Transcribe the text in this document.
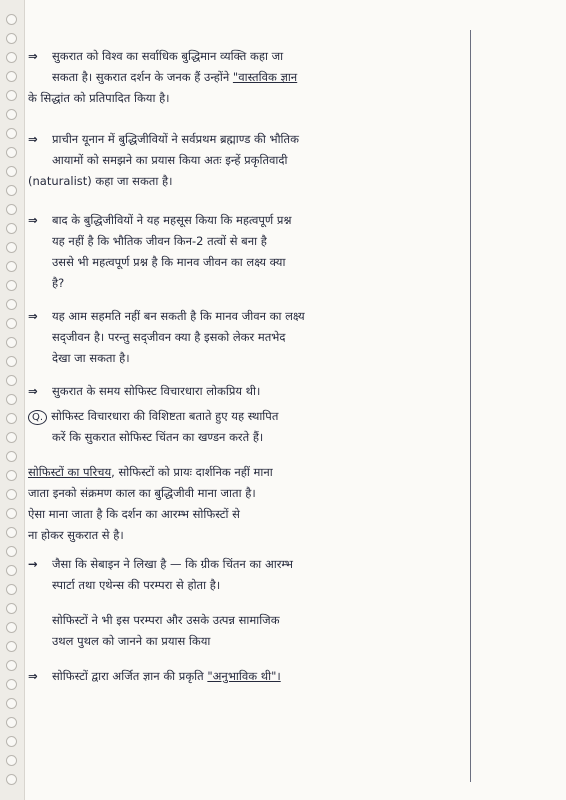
⇒ सुकरात को विश्व का सर्वाधिक बुद्धिमान व्यक्ति कहा जा
सकता है। सुकरात दर्शन के जनक हैं उन्होंने "वास्तविक ज्ञान
के सिद्धांत को प्रतिपादित किया है।
⇒ प्राचीन यूनान में बुद्धिजीवियों ने सर्वप्रथम ब्रह्माण्ड की भौतिक
आयामों को समझने का प्रयास किया अतः इन्हें प्रकृतिवादी
(naturalist) कहा जा सकता है।
⇒ बाद के बुद्धिजीवियों ने यह महसूस किया कि महत्वपूर्ण प्रश्न
यह नहीं है कि भौतिक जीवन किन-2 तत्वों से बना है
उससे भी महत्वपूर्ण प्रश्न है कि मानव जीवन का लक्ष्य क्या
है?
⇒ यह आम सहमति नहीं बन सकती है कि मानव जीवन का लक्ष्य
सद्जीवन है। परन्तु सद्जीवन क्या है इसको लेकर मतभेद
देखा जा सकता है।
⇒ सुकरात के समय सोफिस्ट विचारधारा लोकप्रिय थी।
Q. सोफिस्ट विचारधारा की विशिष्टता बताते हुए यह स्थापित
करें कि सुकरात सोफिस्ट चिंतन का खण्डन करते हैं।
सोफिस्टों का परिचय, सोफिस्टों को प्रायः दार्शनिक नहीं माना
जाता इनको संक्रमण काल का बुद्धिजीवी माना जाता है।
ऐसा माना जाता है कि दर्शन का आरम्भ सोफिस्टों से
ना होकर सुकरात से है।
→ जैसा कि सेबाइन ने लिखा है — कि ग्रीक चिंतन का आरम्भ
स्पार्टा तथा एथेन्स की परम्परा से होता है।
सोफिस्टों ने भी इस परम्परा और उसके उत्पन्न सामाजिक
उथल पुथल को जानने का प्रयास किया
⇒ सोफिस्टों द्वारा अर्जित ज्ञान की प्रकृति "अनुभाविक थी"।
